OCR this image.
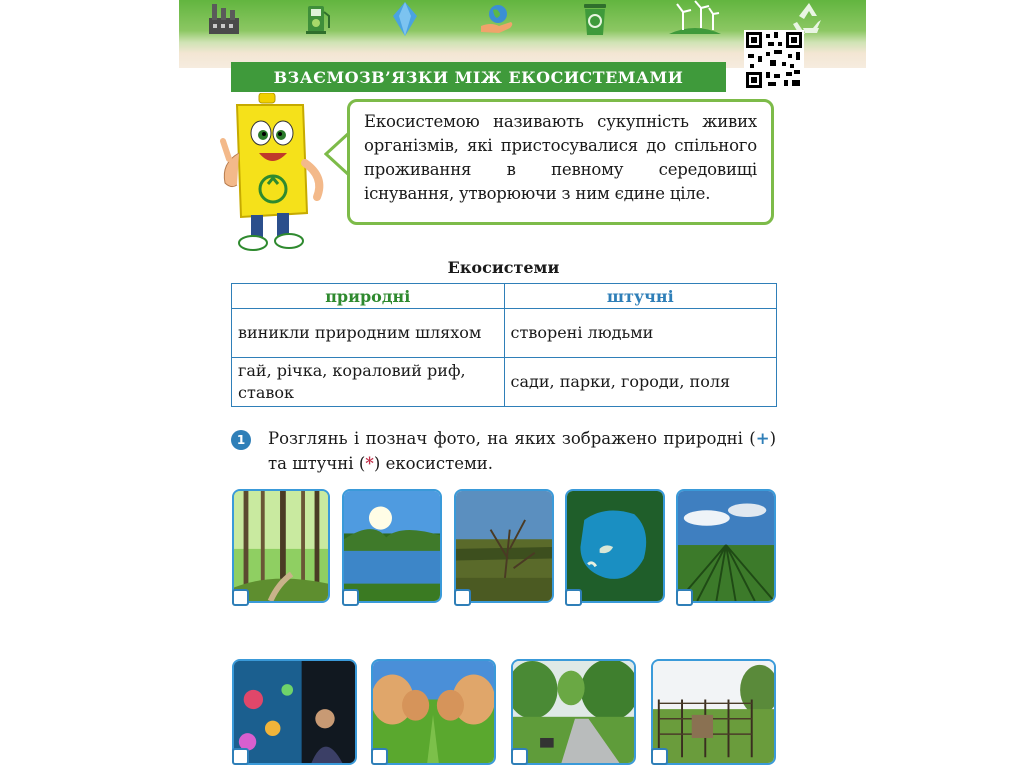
ВЗАЄМОЗВ’ЯЗКИ МІЖ ЕКОСИСТЕМАМИ

Екосистемою називають сукупність живих організмів, які пристосувалися до спільного проживання в певному середовищі існування, утворюючи з ним єдине ціле.

Екосистеми
природні	штучні
виникли природним шляхом	створені людьми
гай, річка, кораловий риф, ставок	сади, парки, городи, поля
1	Розглянь і познач фото, на яких зображено природні (+) та штучні (*) екосистеми.
